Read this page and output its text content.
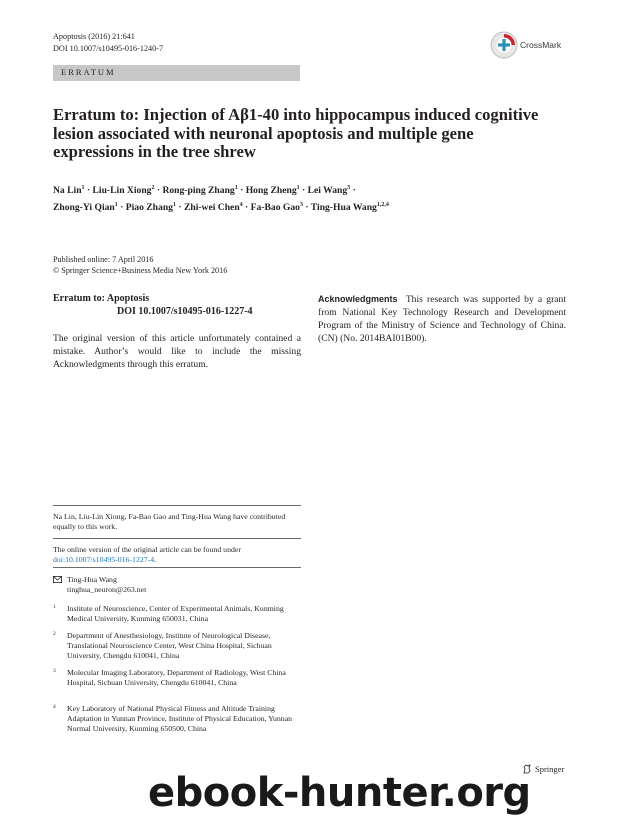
Apoptosis (2016) 21:641
DOI 10.1007/s10495-016-1240-7	CrossMark
ERRATUM
Erratum to: Injection of Aβ1-40 into hippocampus induced cognitive lesion associated with neuronal apoptosis and multiple gene expressions in the tree shrew
Na Lin$^1$ · Liu-Lin Xiong$^2$ · Rong-ping Zhang$^1$ · Hong Zheng$^1$ · Lei Wang$^3$ ·
Zhong-Yi Qian$^1$ · Piao Zhang$^1$ · Zhi-wei Chen$^4$ · Fa-Bao Gao$^3$ · Ting-Hua Wang$^{1,2,4}$
Published online: 7 April 2016
© Springer Science+Business Media New York 2016
Erratum to: Apoptosis
DOI 10.1007/s10495-016-1227-4
The original version of this article unfortunately contained a mistake. Author’s would like to include the missing Acknowledgments through this erratum.
Acknowledgments This research was supported by a grant from National Key Technology Research and Development Program of the Ministry of Science and Technology of China. (CN) (No. 2014BAI01B00).
Na Lin, Liu-Lin Xiong, Fa-Bao Gao and Ting-Hua Wang have contributed equally to this work.
The online version of the original article can be found under
doi:10.1007/s10495-016-1227-4.
Ting-Hua Wang
tinghua_neuron@263.net
1 Institute of Neuroscience, Center of Experimental Animals, Kunming Medical University, Kunming 650031, China
2 Department of Anesthesiology, Institute of Neurological Disease, Translational Neuroscience Center, West China Hospital, Sichuan University, Chengdu 610041, China
3 Molecular Imaging Laboratory, Department of Radiology, West China Hospital, Sichuan University, Chengdu 610041, China
4 Key Laboratory of National Physical Fitness and Altitude Training Adaptation in Yunnan Province, Institute of Physical Education, Yunnan Normal University, Kunming 650500, China
Springer
ebook-hunter.org
